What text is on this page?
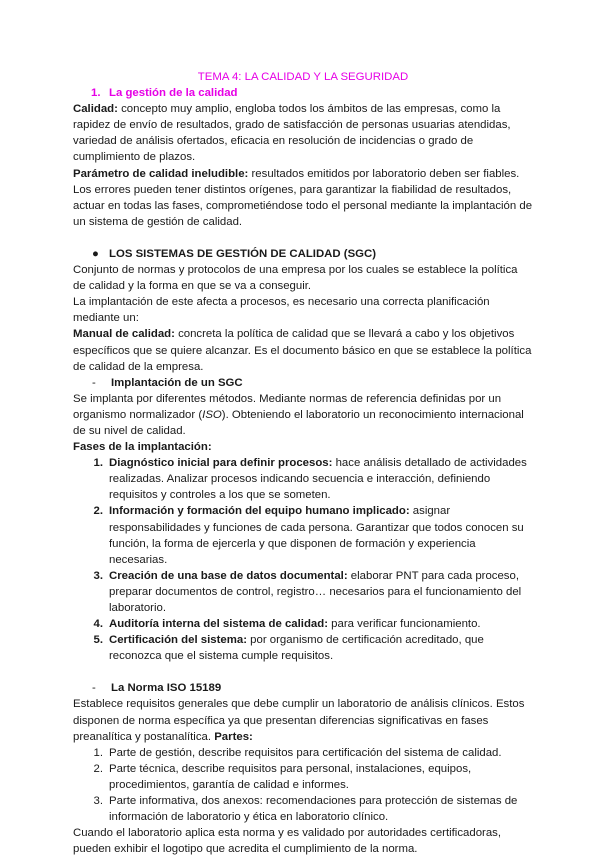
TEMA 4: LA CALIDAD Y LA SEGURIDAD

1. La gestión de la calidad

Calidad: concepto muy amplio, engloba todos los ámbitos de las empresas, como la rapidez de envío de resultados, grado de satisfacción de personas usuarias atendidas, variedad de análisis ofertados, eficacia en resolución de incidencias o grado de cumplimiento de plazos.

Parámetro de calidad ineludible: resultados emitidos por laboratorio deben ser fiables. Los errores pueden tener distintos orígenes, para garantizar la fiabilidad de resultados, actuar en todas las fases, comprometiéndose todo el personal mediante la implantación de un sistema de gestión de calidad.

● LOS SISTEMAS DE GESTIÓN DE CALIDAD (SGC)

Conjunto de normas y protocolos de una empresa por los cuales se establece la política de calidad y la forma en que se va a conseguir.

La implantación de este afecta a procesos, es necesario una correcta planificación mediante un:

Manual de calidad: concreta la política de calidad que se llevará a cabo y los objetivos específicos que se quiere alcanzar. Es el documento básico en que se establece la política de calidad de la empresa.

-	Implantación de un SGC

Se implanta por diferentes métodos. Mediante normas de referencia definidas por un organismo normalizador (ISO). Obteniendo el laboratorio un reconocimiento internacional de su nivel de calidad.

Fases de la implantación:

1. Diagnóstico inicial para definir procesos: hace análisis detallado de actividades realizadas. Analizar procesos indicando secuencia e interacción, definiendo requisitos y controles a los que se someten.
2. Información y formación del equipo humano implicado: asignar responsabilidades y funciones de cada persona. Garantizar que todos conocen su función, la forma de ejercerla y que disponen de formación y experiencia necesarias.
3. Creación de una base de datos documental: elaborar PNT para cada proceso, preparar documentos de control, registro… necesarios para el funcionamiento del laboratorio.
4. Auditoría interna del sistema de calidad: para verificar funcionamiento.
5. Certificación del sistema: por organismo de certificación acreditado, que reconozca que el sistema cumple requisitos.
-	La Norma ISO 15189

Establece requisitos generales que debe cumplir un laboratorio de análisis clínicos. Estos disponen de norma específica ya que presentan diferencias significativas en fases preanalítica y postanalítica. Partes:

1. Parte de gestión, describe requisitos para certificación del sistema de calidad.
2. Parte técnica, describe requisitos para personal, instalaciones, equipos, procedimientos, garantía de calidad e informes.
3. Parte informativa, dos anexos: recomendaciones para protección de sistemas de información de laboratorio y ética en laboratorio clínico.

Cuando el laboratorio aplica esta norma y es validado por autoridades certificadoras, pueden exhibir el logotipo que acredita el cumplimiento de la norma.
